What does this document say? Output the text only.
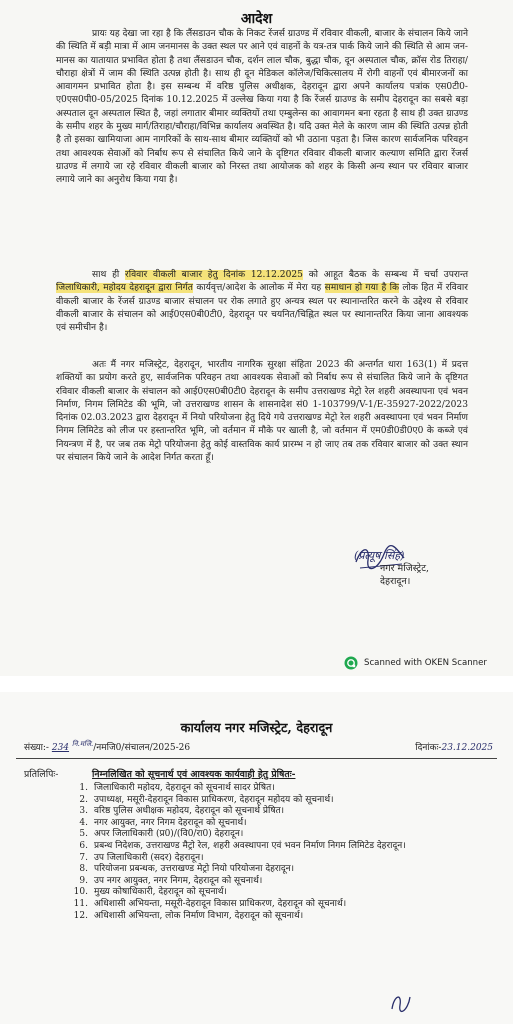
आदेश

प्रायः यह देखा जा रहा है कि लैंसडाउन चौक के निकट रेंजर्स ग्राउण्ड में रविवार वीकली, बाजार के संचालन किये जाने की स्थिति में बड़ी मात्रा में आम जनमानस के उक्त स्थल पर आने एवं वाहनों के यत्र-तत्र पार्क किये जाने की स्थिति से आम जन-मानस का यातायात प्रभावित होता है तथा लैंसडाउन चौक, दर्शन लाल चौक, बुद्धा चौक, दून अस्पताल चौक, क्रॉस रोड तिराहा/चौराहा क्षेत्रों में जाम की स्थिति उत्पन्न होती है। साथ ही दून मेडिकल कॉलेज/चिकित्सालय में रोगी वाहनों एवं बीमारजनों का आवागमन प्रभावित होता है। इस सम्बन्ध में वरिष्ठ पुलिस अधीक्षक, देहरादून द्वारा अपने कार्यालय पत्रांक एस0टी0-ए0एस0पी0-05/2025 दिनांक 10.12.2025 में उल्लेख किया गया है कि रेंजर्स ग्राउण्ड के समीप देहरादून का सबसे बड़ा अस्पताल दून अस्पताल स्थित है, जहां लगातार बीमार व्यक्तियों तथा एम्बुलेन्स का आवागमन बना रहता है साथ ही उक्त ग्राउण्ड के समीप शहर के मुख्य मार्ग/तिराहा/चौराहा/विभिन्न कार्यालय अवस्थित है। यदि उक्त मेले के कारण जाम की स्थिति उत्पन्न होती है तो इसका खामियाजा आम नागरिकों के साथ-साथ बीमार व्यक्तियों को भी उठाना पड़ता है। जिस कारण सार्वजनिक परिवहन तथा आवश्यक सेवाओं को निर्बाध रूप से संचालित किये जाने के दृष्टिगत रविवार वीकली बाजार कल्याण समिति द्वारा रेंजर्स ग्राउण्ड में लगाये जा रहे रविवार वीकली बाजार को निरस्त तथा आयोजक को शहर के किसी अन्य स्थान पर रविवार बाजार लगाये जाने का अनुरोध किया गया है।

साथ ही रविवार वीकली बाजार हेतु दिनांक 12.12.2025 को आहूत बैठक के सम्बन्ध में चर्चा उपरान्त जिलाधिकारी, महोदय देहरादून द्वारा निर्गत कार्यवृत्त/आदेश के आलोक में मेरा यह समाधान हो गया है कि लोक हित में रविवार वीकली बाजार के रेंजर्स ग्राउण्ड बाजार संचालन पर रोक लगाते हुए अन्यत्र स्थल पर स्थानान्तरित करने के उद्देश्य से रविवार वीकली बाजार के संचालन को आई0एस0बी0टी0, देहरादून पर चयनित/चिह्नित स्थल पर स्थानान्तरित किया जाना आवश्यक एवं समीचीन है।

अतः मैं नगर मजिस्ट्रेट, देहरादून, भारतीय नागरिक सुरक्षा संहिता 2023 की अन्तर्गत धारा 163(1) में प्रदत्त शक्तियों का प्रयोग करते हुए, सार्वजनिक परिवहन तथा आवश्यक सेवाओं को निर्बाध रूप से संचालित किये जाने के दृष्टिगत रविवार वीकली बाजार के संचालन को आई0एस0बी0टी0 देहरादून के समीप उत्तराखण्ड मेट्रो रेल शहरी अवस्थापना एवं भवन निर्माण, निगम लिमिटेड की भूमि, जो उत्तराखण्ड शासन के शासनादेश सं0 1-103799/V-1/E-35927-2022/2023 दिनांक 02.03.2023 द्वारा देहरादून में नियो परियोजना हेतु दिये गये उत्तराखण्ड मेट्रो रेल शहरी अवस्थापना एवं भवन निर्माण निगम लिमिटेड को लीज पर हस्तान्तरित भूमि, जो वर्तमान में मौके पर खाली है, जो वर्तमान में एम0डी0डी0ए0 के कब्जे एवं नियन्त्रण में है, पर जब तक मेट्रो परियोजना हेतु कोई वास्तविक कार्य प्रारम्भ न हो जाए तब तक रविवार बाजार को उक्त स्थान पर संचालन किये जाने के आदेश निर्गत करता हूँ।

(प्रत्यूष सिंह)
नगर मजिस्ट्रेट,
देहरादून।
Scanned with OKEN Scanner
कार्यालय नगर मजिस्ट्रेट, देहरादून
संख्या:- 234 $^{नि.मजि.}$/नमजि0/संचालन/2025-26	दिनांकः-23.12.2025
प्रतिलिपिः-	निम्नलिखित को सूचनार्थ एवं आवश्यक कार्यवाही हेतु प्रेषितः-
1. जिलाधिकारी महोदय, देहरादून को सूचनार्थ सादर प्रेषित।
2. उपाध्यक्ष, मसूरी-देहरादून विकास प्राधिकरण, देहरादून महोदय को सूचनार्थ।
3. वरिष्ठ पुलिस अधीक्षक महोदय, देहरादून को सूचनार्थ प्रेषित।
4. नगर आयुक्त, नगर निगम देहरादून को सूचनार्थ।
5. अपर जिलाधिकारी (प्र0)/(वि0/रा0) देहरादून।
6. प्रबन्ध निदेशक, उत्तराखण्ड मैट्रो रेल, शहरी अवस्थापना एवं भवन निर्माण निगम लिमिटेड देहरादून।
7. उप जिलाधिकारी (सदर) देहरादून।
8. परियोजना प्रबन्धक, उत्तराखण्ड मेट्रो नियो परियोजना देहरादून।
9. उप नगर आयुक्त, नगर निगम, देहरादून को सूचनार्थ।
10. मुख्य कोषाधिकारी, देहरादून को सूचनार्थ।
11. अधिशासी अभियन्ता, मसूरी-देहरादून विकास प्राधिकरण, देहरादून को सूचनार्थ।
12. अधिशासी अभियन्ता, लोक निर्माण विभाग, देहरादून को सूचनार्थ।
